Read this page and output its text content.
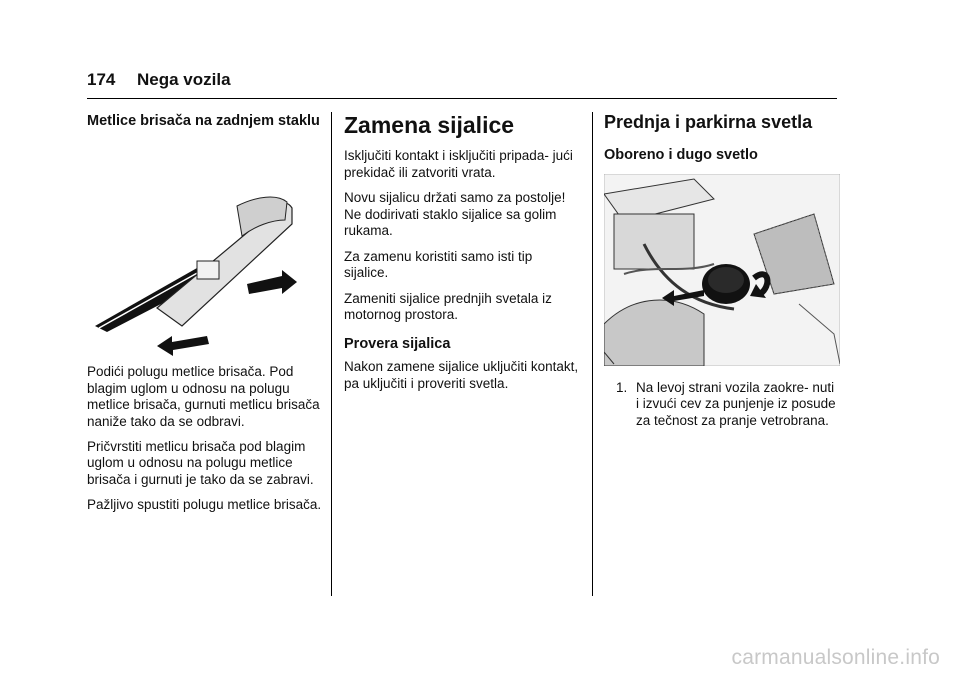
174 Nega vozila
Metlice brisača na zadnjem staklu

Podići polugu metlice brisača. Pod blagim uglom u odnosu na polugu metlice brisača, gurnuti metlicu brisača naniže tako da se odbravi.

Pričvrstiti metlicu brisača pod blagim uglom u odnosu na polugu metlice brisača i gurnuti je tako da se zabravi.

Pažljivo spustiti polugu metlice brisača.

Zamena sijalice

Isključiti kontakt i isključiti pripada- jući prekidač ili zatvoriti vrata.

Novu sijalicu držati samo za postolje! Ne dodirivati staklo sijalice sa golim rukama.

Za zamenu koristiti samo isti tip sijalice.

Zameniti sijalice prednjih svetala iz motornog prostora.

Provera sijalica

Nakon zamene sijalice uključiti kontakt, pa uključiti i proveriti svetla.

Prednja i parkirna svetla
Oboreno i dugo svetlo
1. Na levoj strani vozila zaokre- nuti i izvući cev za punjenje iz posude za tečnost za pranje vetrobrana.
carmanualsonline.info
